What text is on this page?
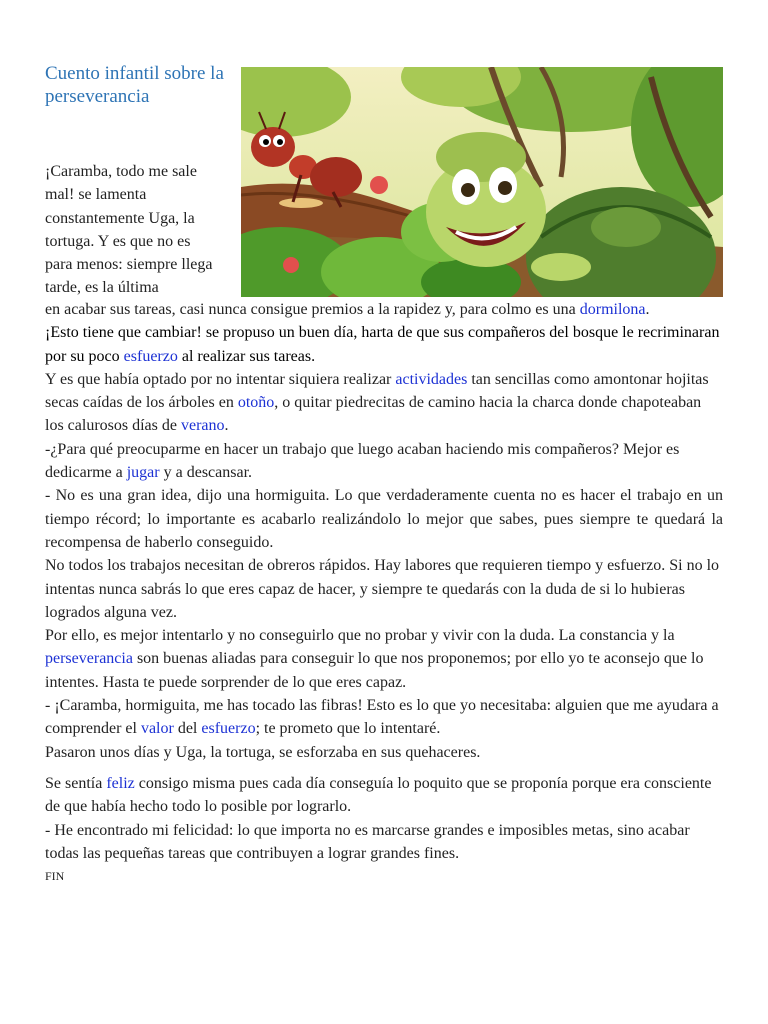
Cuento infantil sobre la perseverancia

¡Caramba, todo me sale mal! se lamenta constantemente Uga, la tortuga. Y es que no es para menos: siempre llega tarde, es la última

en acabar sus tareas, casi nunca consigue premios a la rapidez y, para colmo es una dormilona.

¡Esto tiene que cambiar! se propuso un buen día, harta de que sus compañeros del bosque le recriminaran por su poco esfuerzo al realizar sus tareas.

Y es que había optado por no intentar siquiera realizar actividades tan sencillas como amontonar hojitas secas caídas de los árboles en otoño, o quitar piedrecitas de camino hacia la charca donde chapoteaban los calurosos días de verano.

-¿Para qué preocuparme en hacer un trabajo que luego acaban haciendo mis compañeros? Mejor es dedicarme a jugar y a descansar.

- No es una gran idea, dijo una hormiguita. Lo que verdaderamente cuenta no es hacer el trabajo en un tiempo récord; lo importante es acabarlo realizándolo lo mejor que sabes, pues siempre te quedará la recompensa de haberlo conseguido.

No todos los trabajos necesitan de obreros rápidos. Hay labores que requieren tiempo y esfuerzo. Si no lo intentas nunca sabrás lo que eres capaz de hacer, y siempre te quedarás con la duda de si lo hubieras logrados alguna vez.

Por ello, es mejor intentarlo y no conseguirlo que no probar y vivir con la duda. La constancia y la perseverancia son buenas aliadas para conseguir lo que nos proponemos; por ello yo te aconsejo que lo intentes. Hasta te puede sorprender de lo que eres capaz.

- ¡Caramba, hormiguita, me has tocado las fibras! Esto es lo que yo necesitaba: alguien que me ayudara a comprender el valor del esfuerzo; te prometo que lo intentaré.

Pasaron unos días y Uga, la tortuga, se esforzaba en sus quehaceres.

Se sentía feliz consigo misma pues cada día conseguía lo poquito que se proponía porque era consciente de que había hecho todo lo posible por lograrlo.

- He encontrado mi felicidad: lo que importa no es marcarse grandes e imposibles metas, sino acabar todas las pequeñas tareas que contribuyen a lograr grandes fines.

FIN
